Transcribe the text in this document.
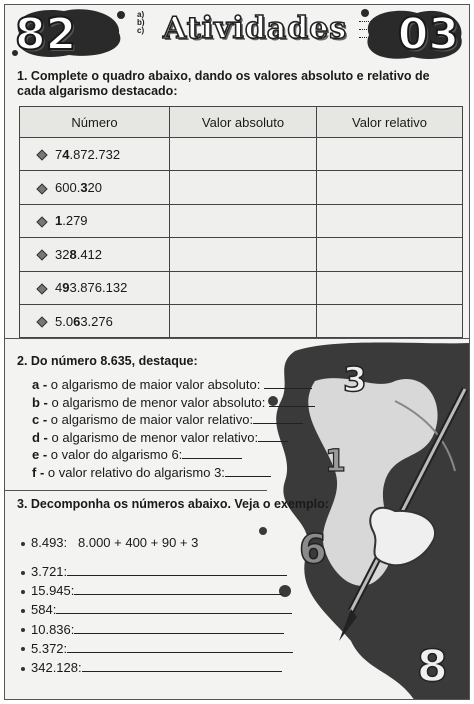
82	a)
b)
c) Atividades 03
1. Complete o quadro abaixo, dando os valores absoluto e relativo de cada algarismo destacado:
Número	Valor absoluto	Valor relativo
74.872.732		
600.320		
1.279		
328.412		
493.876.132		
5.063.276		
3
1
6
8
2. Do número 8.635, destaque:
a - o algarismo de maior valor absoluto:
b - o algarismo de menor valor absoluto:
c - o algarismo de maior valor relativo:
d - o algarismo de menor valor relativo:
e - o valor do algarismo 6:
f - o valor relativo do algarismo 3:
3. Decomponha os números abaixo. Veja o exemplo:
8.493: 8.000 + 400 + 90 + 3
3.721:
15.945:
584:
10.836:
5.372:
342.128:
